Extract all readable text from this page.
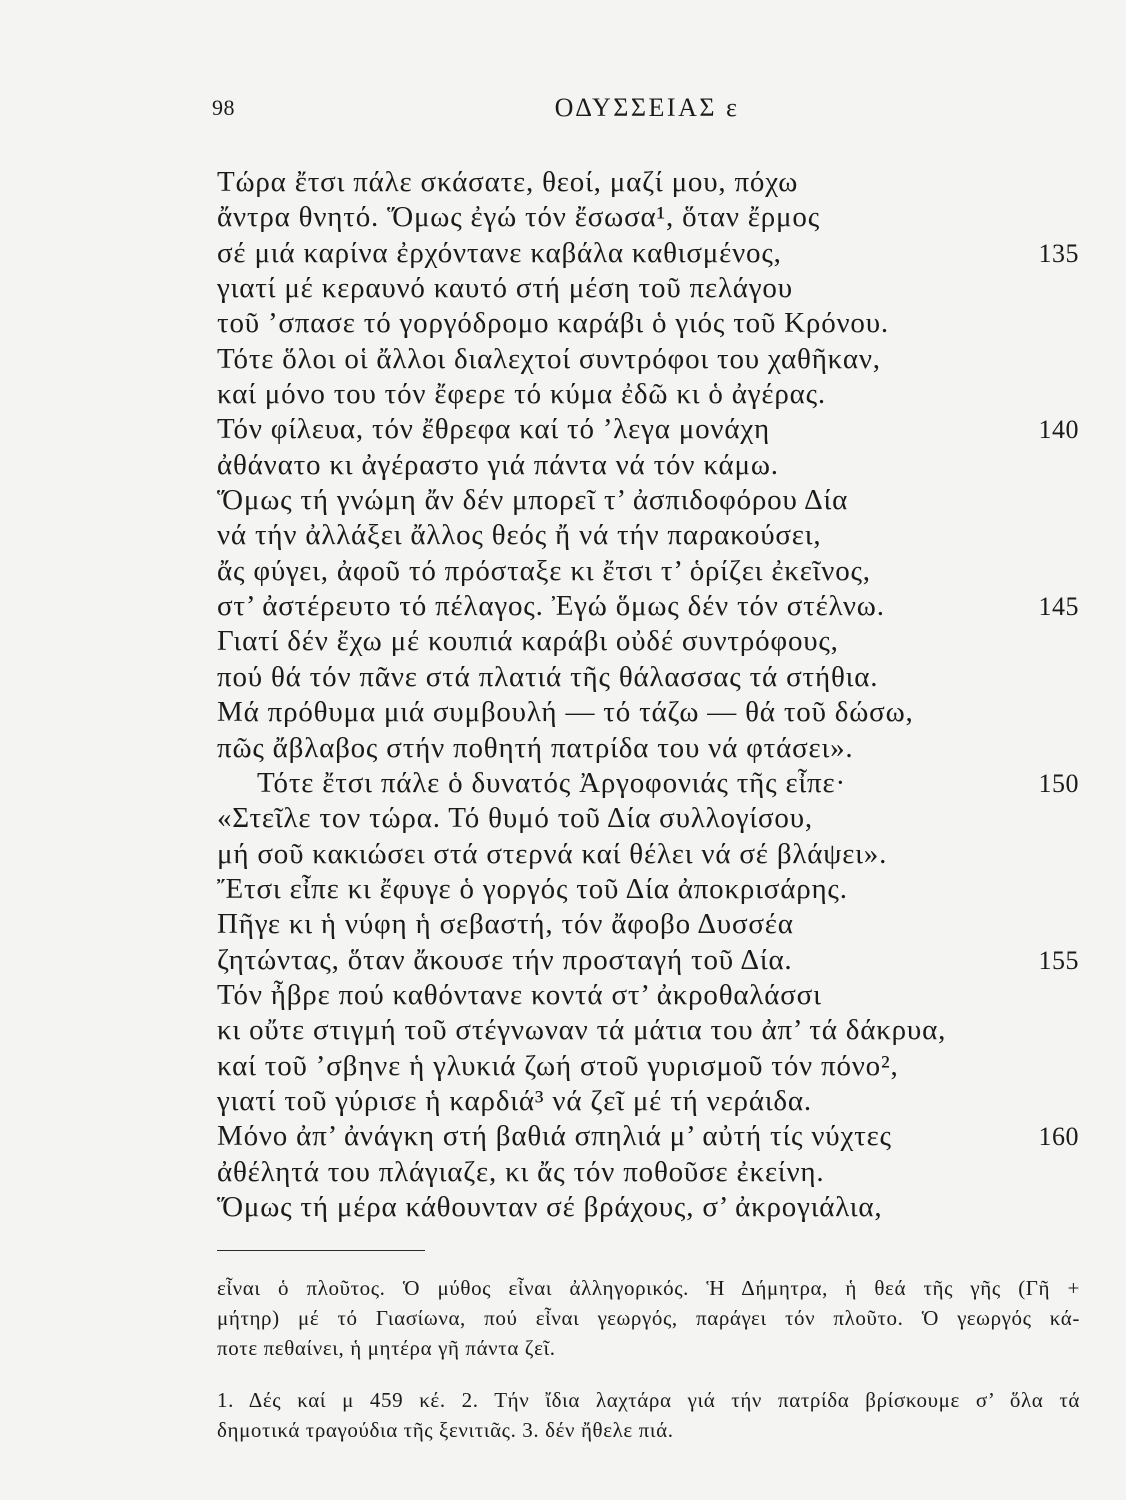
98	ΟΔΥΣΣΕΙΑΣ ε
Τώρα ἔτσι πάλε σκάσατε, θεοί, μαζί μου, πόχω
ἄντρα θνητό. Ὅμως ἐγώ τόν ἔσωσα¹, ὅταν ἔρμος
σέ μιά καρίνα ἐρχόντανε καβάλα καθισμένος,	135
γιατί μέ κεραυνό καυτό στή μέση τοῦ πελάγου
τοῦ ’σπασε τό γοργόδρομο καράβι ὁ γιός τοῦ Κρόνου.
Τότε ὅλοι οἱ ἄλλοι διαλεχτοί συντρόφοι του χαθῆκαν,
καί μόνο του τόν ἔφερε τό κύμα ἐδῶ κι ὁ ἀγέρας.
Τόν φίλευα, τόν ἔθρεφα καί τό ’λεγα μονάχη	140
ἀθάνατο κι ἀγέραστο γιά πάντα νά τόν κάμω.
Ὅμως τή γνώμη ἄν δέν μπορεῖ τ’ ἀσπιδοφόρου Δία
νά τήν ἀλλάξει ἄλλος θεός ἤ νά τήν παρακούσει,
ἄς φύγει, ἀφοῦ τό πρόσταξε κι ἔτσι τ’ ὁρίζει ἐκεῖνος,
στ’ ἀστέρευτο τό πέλαγος. Ἐγώ ὅμως δέν τόν στέλνω.	145
Γιατί δέν ἔχω μέ κουπιά καράβι οὐδέ συντρόφους,
πού θά τόν πᾶνε στά πλατιά τῆς θάλασσας τά στήθια.
Μά πρόθυμα μιά συμβουλή — τό τάζω — θά τοῦ δώσω,
πῶς ἄβλαβος στήν ποθητή πατρίδα του νά φτάσει».
Τότε ἔτσι πάλε ὁ δυνατός Ἀργοφονιάς τῆς εἶπε·	150
«Στεῖλε τον τώρα. Τό θυμό τοῦ Δία συλλογίσου,
μή σοῦ κακιώσει στά στερνά καί θέλει νά σέ βλάψει».
Ἔτσι εἶπε κι ἔφυγε ὁ γοργός τοῦ Δία ἀποκρισάρης.
Πῆγε κι ἡ νύφη ἡ σεβαστή, τόν ἄφοβο Δυσσέα
ζητώντας, ὅταν ἄκουσε τήν προσταγή τοῦ Δία.	155
Τόν ἦβρε πού καθόντανε κοντά στ’ ἀκροθαλάσσι
κι οὔτε στιγμή τοῦ στέγνωναν τά μάτια του ἀπ’ τά δάκρυα,
καί τοῦ ’σβηνε ἡ γλυκιά ζωή στοῦ γυρισμοῦ τόν πόνο²,
γιατί τοῦ γύρισε ἡ καρδιά³ νά ζεῖ μέ τή νεράιδα.
Μόνο ἀπ’ ἀνάγκη στή βαθιά σπηλιά μ’ αὐτή τίς νύχτες	160
ἀθέλητά του πλάγιαζε, κι ἄς τόν ποθοῦσε ἐκείνη.
Ὅμως τή μέρα κάθουνταν σέ βράχους, σ’ ἀκρογιάλια,
εἶναι ὁ πλοῦτος. Ὁ μύθος εἶναι ἀλληγορικός. Ἡ Δήμητρα, ἡ θεά τῆς γῆς (Γῆ +
μήτηρ) μέ τό Γιασίωνα, πού εἶναι γεωργός, παράγει τόν πλοῦτο. Ὁ γεωργός κά-
ποτε πεθαίνει, ἡ μητέρα γῆ πάντα ζεῖ.
1. Δές καί μ 459 κέ. 2. Τήν ἴδια λαχτάρα γιά τήν πατρίδα βρίσκουμε σ’ ὅλα τά
δημοτικά τραγούδια τῆς ξενιτιᾶς. 3. δέν ἤθελε πιά.
